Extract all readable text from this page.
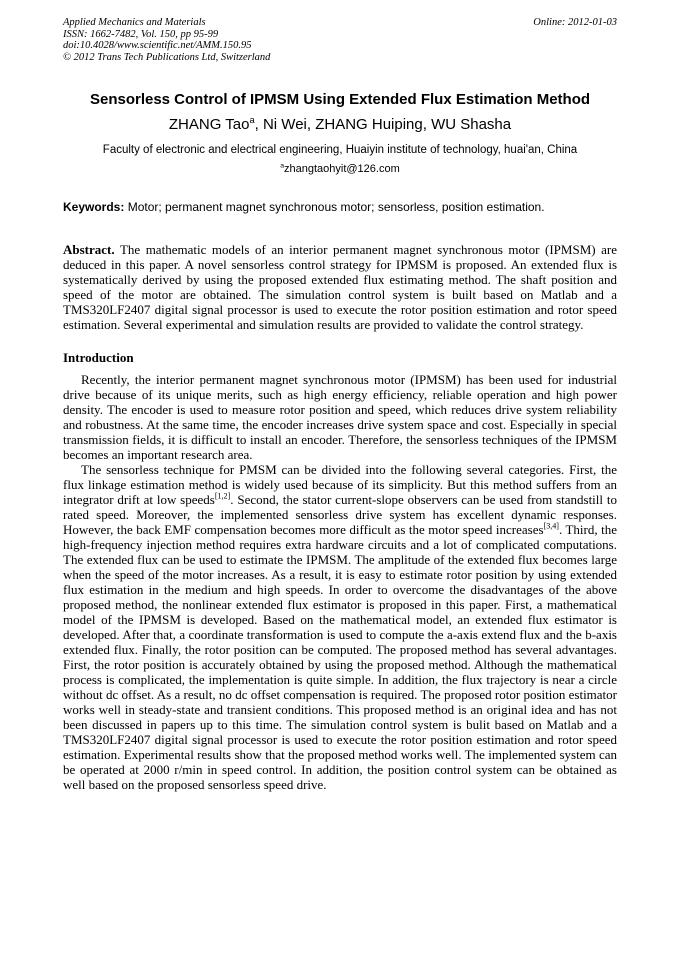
Applied Mechanics and Materials	Online: 2012-01-03
ISSN: 1662-7482, Vol. 150, pp 95-99
doi:10.4028/www.scientific.net/AMM.150.95
© 2012 Trans Tech Publications Ltd, Switzerland
Sensorless Control of IPMSM Using Extended Flux Estimation Method
ZHANG Tao$^a$, Ni Wei, ZHANG Huiping, WU Shasha
Faculty of electronic and electrical engineering, Huaiyin institute of technology, huai'an, China
$^a$zhangtaohyit@126.com
Keywords: Motor; permanent magnet synchronous motor; sensorless, position estimation.

Abstract. The mathematic models of an interior permanent magnet synchronous motor (IPMSM) are deduced in this paper. A novel sensorless control strategy for IPMSM is proposed. An extended flux is systematically derived by using the proposed extended flux estimating method. The shaft position and speed of the motor are obtained. The simulation control system is built based on Matlab and a TMS320LF2407 digital signal processor is used to execute the rotor position estimation and rotor speed estimation. Several experimental and simulation results are provided to validate the control strategy.

Introduction

Recently, the interior permanent magnet synchronous motor (IPMSM) has been used for industrial drive because of its unique merits, such as high energy efficiency, reliable operation and high power density. The encoder is used to measure rotor position and speed, which reduces drive system reliability and robustness. At the same time, the encoder increases drive system space and cost. Especially in special transmission fields, it is difficult to install an encoder. Therefore, the sensorless techniques of the IPMSM becomes an important research area.

The sensorless technique for PMSM can be divided into the following several categories. First, the flux linkage estimation method is widely used because of its simplicity. But this method suffers from an integrator drift at low speeds[1,2]. Second, the stator current-slope observers can be used from standstill to rated speed. Moreover, the implemented sensorless drive system has excellent dynamic responses. However, the back EMF compensation becomes more difficult as the motor speed increases[3,4]. Third, the high-frequency injection method requires extra hardware circuits and a lot of complicated computations. The extended flux can be used to estimate the IPMSM. The amplitude of the extended flux becomes large when the speed of the motor increases. As a result, it is easy to estimate rotor position by using extended flux estimation in the medium and high speeds. In order to overcome the disadvantages of the above proposed method, the nonlinear extended flux estimator is proposed in this paper. First, a mathematical model of the IPMSM is developed. Based on the mathematical model, an extended flux estimator is developed. After that, a coordinate transformation is used to compute the a-axis extend flux and the b-axis extended flux. Finally, the rotor position can be computed. The proposed method has several advantages. First, the rotor position is accurately obtained by using the proposed method. Although the mathematical process is complicated, the implementation is quite simple. In addition, the flux trajectory is near a circle without dc offset. As a result, no dc offset compensation is required. The proposed rotor position estimator works well in steady-state and transient conditions. This proposed method is an original idea and has not been discussed in papers up to this time. The simulation control system is bulit based on Matlab and a TMS320LF2407 digital signal processor is used to execute the rotor position estimation and rotor speed estimation. Experimental results show that the proposed method works well. The implemented system can be operated at 2000 r/min in speed control. In addition, the position control system can be obtained as well based on the proposed sensorless speed drive.
